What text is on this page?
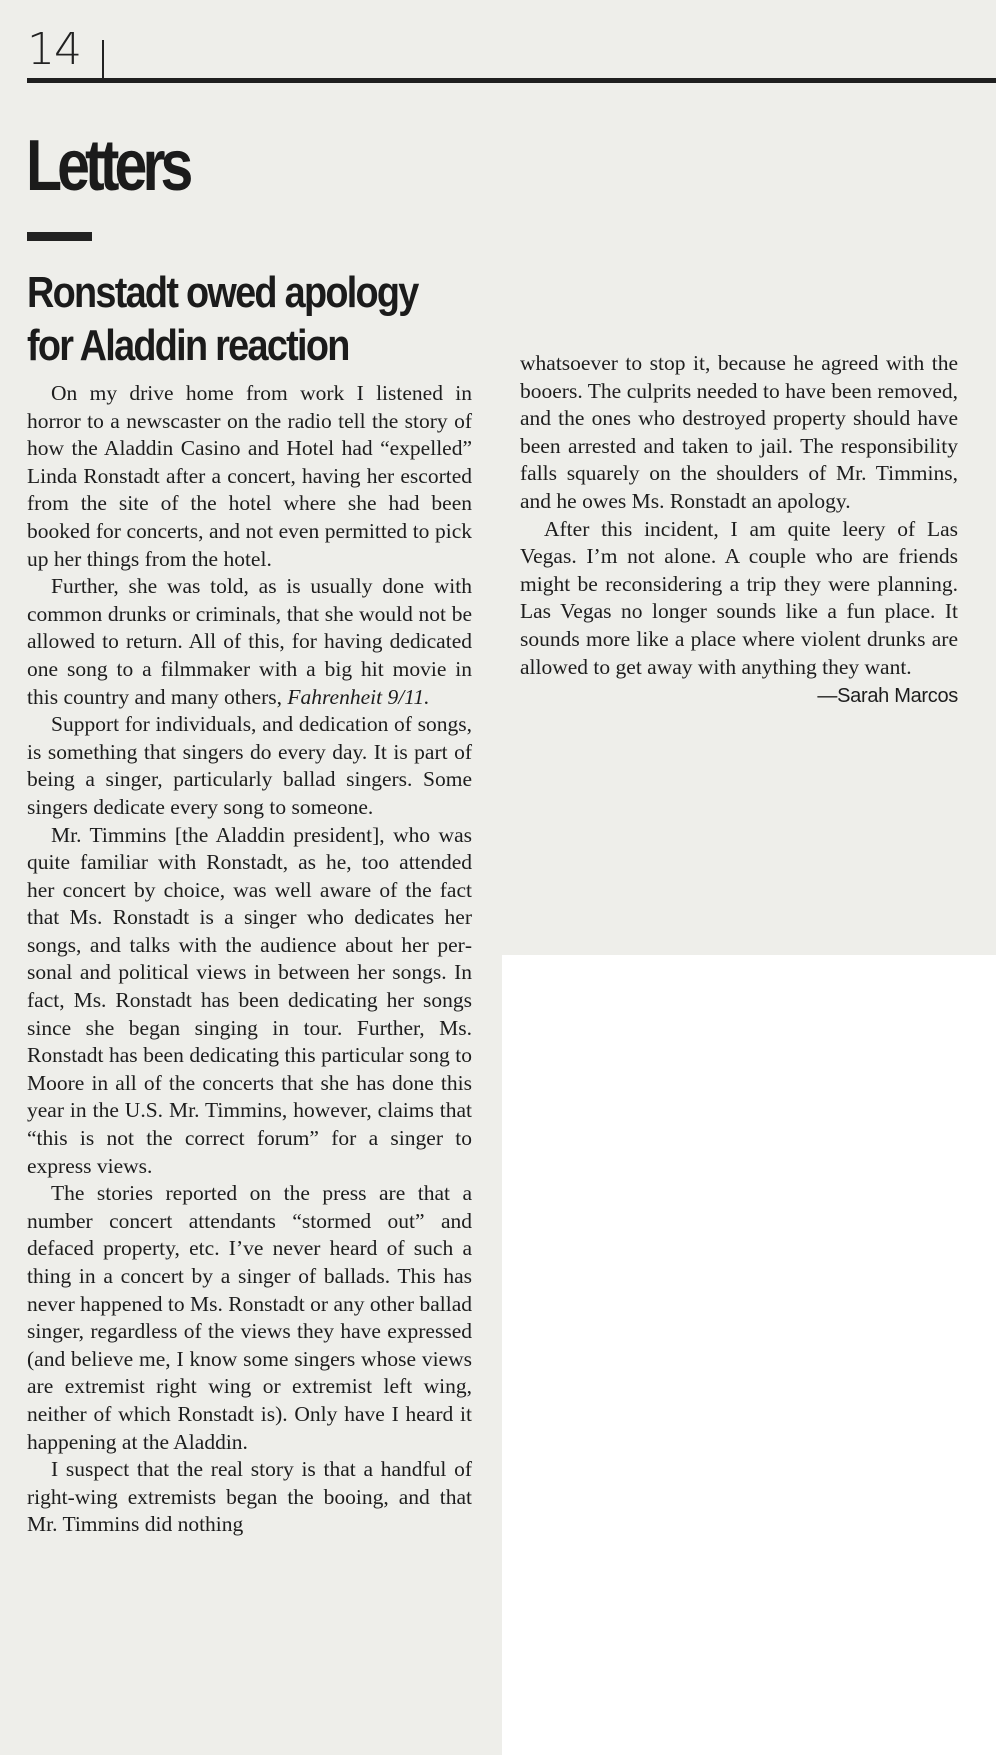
14
Letters
Ronstadt owed apology
for Aladdin reaction

On my drive home from work I listened in horror to a newscaster on the radio tell the story of how the Aladdin Casino and Hotel had “expelled” Linda Ronstadt after a concert, having her escorted from the site of the hotel where she had been booked for concerts, and not even permitted to pick up her things from the hotel.

Further, she was told, as is usually done with common drunks or criminals, that she would not be allowed to return. All of this, for having dedicated one song to a filmmaker with a big hit movie in this country and many others, Fahrenheit 9/11.

Support for individuals, and dedication of songs, is something that singers do every day. It is part of being a singer, particularly ballad singers. Some singers dedicate every song to someone.

Mr. Timmins [the Aladdin president], who was quite familiar with Ronstadt, as he, too attended her concert by choice, was well aware of the fact that Ms. Ronstadt is a singer who dedicates her songs, and talks with the audience about her personal and political views in between her songs. In fact, Ms. Ronstadt has been dedicating her songs since she began singing in tour. Further, Ms. Ronstadt has been dedicating this particular song to Moore in all of the concerts that she has done this year in the U.S. Mr. Timmins, however, claims that “this is not the correct forum” for a singer to express views.

The stories reported on the press are that a number concert attendants “stormed out” and defaced property, etc. I’ve never heard of such a thing in a concert by a singer of ballads. This has never happened to Ms. Ronstadt or any other ballad singer, regardless of the views they have expressed (and believe me, I know some singers whose views are extremist right wing or extremist left wing, neither of which Ronstadt is). Only have I heard it happening at the Aladdin.

I suspect that the real story is that a handful of right-wing extremists began the booing, and that Mr. Timmins did nothing

whatsoever to stop it, because he agreed with the booers. The culprits needed to have been removed, and the ones who destroyed property should have been arrested and taken to jail. The responsibility falls squarely on the shoulders of Mr. Timmins, and he owes Ms. Ronstadt an apology.

After this incident, I am quite leery of Las Vegas. I’m not alone. A couple who are friends might be reconsidering a trip they were planning. Las Vegas no longer sounds like a fun place. It sounds more like a place where violent drunks are allowed to get away with anything they want.

—Sarah Marcos
